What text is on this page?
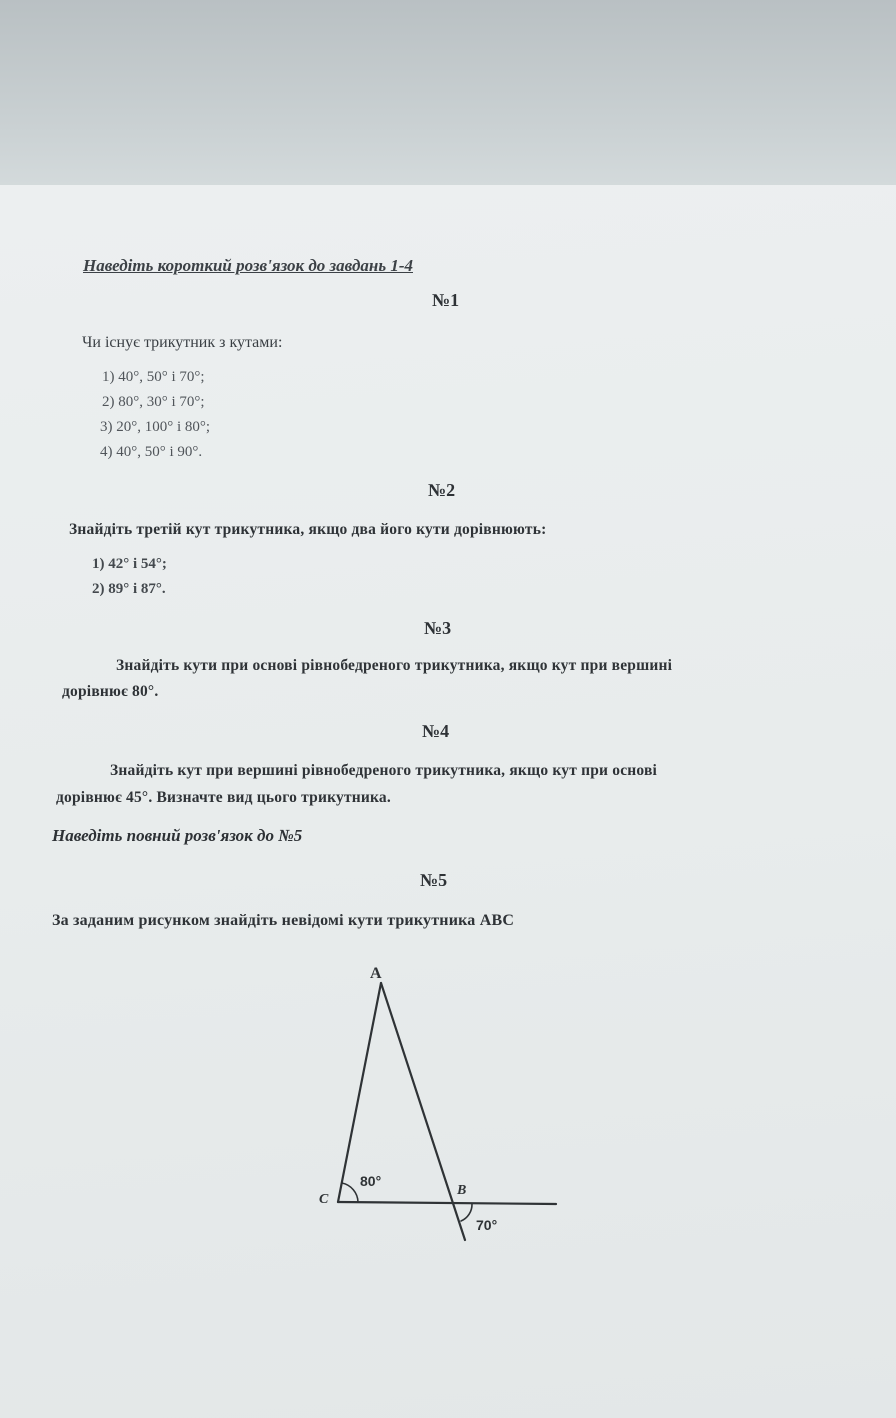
Наведіть короткий розв'язок до завдань 1-4
№1
Чи існує трикутник з кутами:
1) 40°, 50° і 70°;
2) 80°, 30° і 70°;
3) 20°, 100° і 80°;
4) 40°, 50° і 90°.
№2
Знайдіть третій кут трикутника, якщо два його кути дорівнюють:
1) 42° і 54°;
2) 89° і 87°.
№3
Знайдіть кути при основі рівнобедреного трикутника, якщо кут при вершині
дорівнює 80°.
№4
Знайдіть кут при вершині рівнобедреного трикутника, якщо кут при основі
дорівнює 45°. Визначте вид цього трикутника.
Наведіть повний розв'язок до №5
№5
За заданим рисунком знайдіть невідомі кути трикутника ABC
A
B
C
80°
70°
